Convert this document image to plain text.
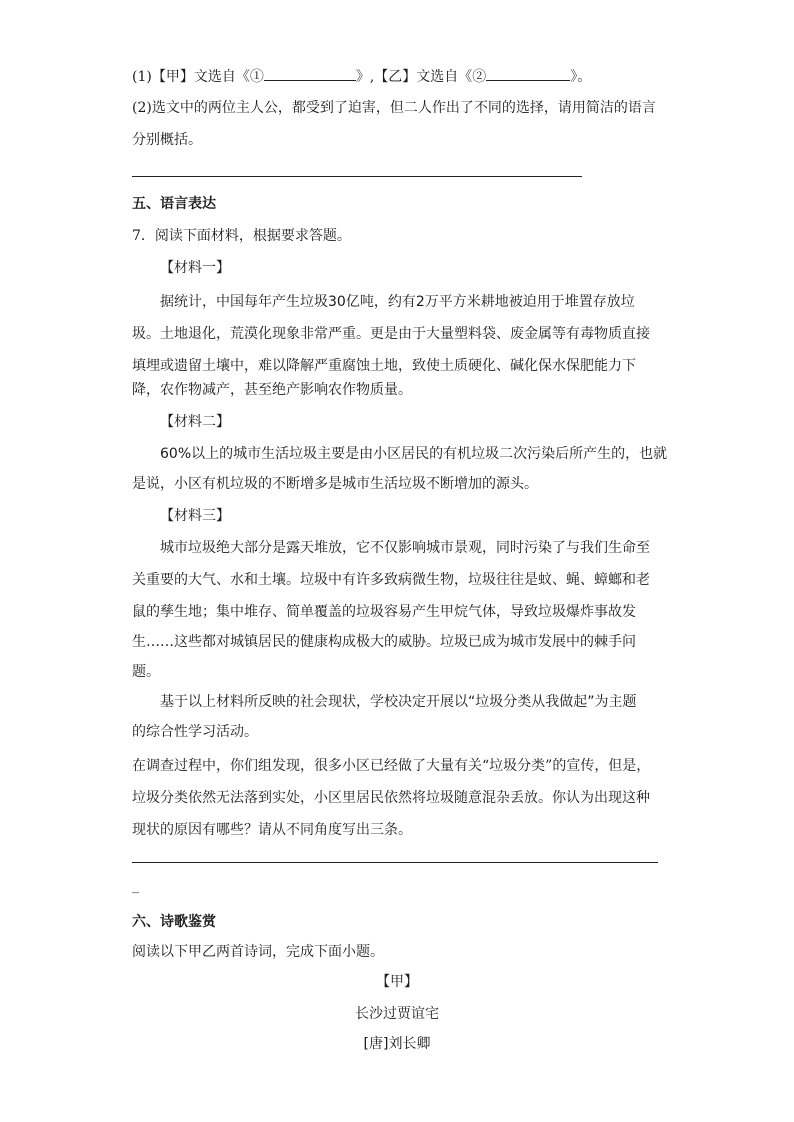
(1)【甲】文选自《①	》,【乙】文选自《②	》。
(2)选文中的两位主人公，都受到了迫害，但二人作出了不同的选择，请用简洁的语言
分别概括。
五、语言表达
7．阅读下面材料，根据要求答题。
【材料一】
据统计，中国每年产生垃圾30亿吨，约有2万平方米耕地被迫用于堆置存放垃
圾。土地退化，荒漠化现象非常严重。更是由于大量塑料袋、废金属等有毒物质直接
填埋或遗留土壤中，难以降解严重腐蚀土地，致使土质硬化、碱化保水保肥能力下
降，农作物减产，甚至绝产影响农作物质量。
【材料二】
60%以上的城市生活垃圾主要是由小区居民的有机垃圾二次污染后所产生的，也就
是说，小区有机垃圾的不断增多是城市生活垃圾不断增加的源头。
【材料三】
城市垃圾绝大部分是露天堆放，它不仅影响城市景观，同时污染了与我们生命至
关重要的大气、水和土壤。垃圾中有许多致病微生物，垃圾往往是蚊、蝇、蟑螂和老
鼠的孳生地；集中堆存、简单覆盖的垃圾容易产生甲烷气体，导致垃圾爆炸事故发
生……这些都对城镇居民的健康构成极大的威胁。垃圾已成为城市发展中的棘手问
题。
基于以上材料所反映的社会现状，学校决定开展以“垃圾分类从我做起”为主题
的综合性学习活动。
在调查过程中，你们组发现，很多小区已经做了大量有关“垃圾分类”的宣传，但是，
垃圾分类依然无法落到实处，小区里居民依然将垃圾随意混杂丢放。你认为出现这种
现状的原因有哪些？请从不同角度写出三条。
_
六、诗歌鉴赏
阅读以下甲乙两首诗词，完成下面小题。
【甲】
长沙过贾谊宅
[唐]刘长卿
